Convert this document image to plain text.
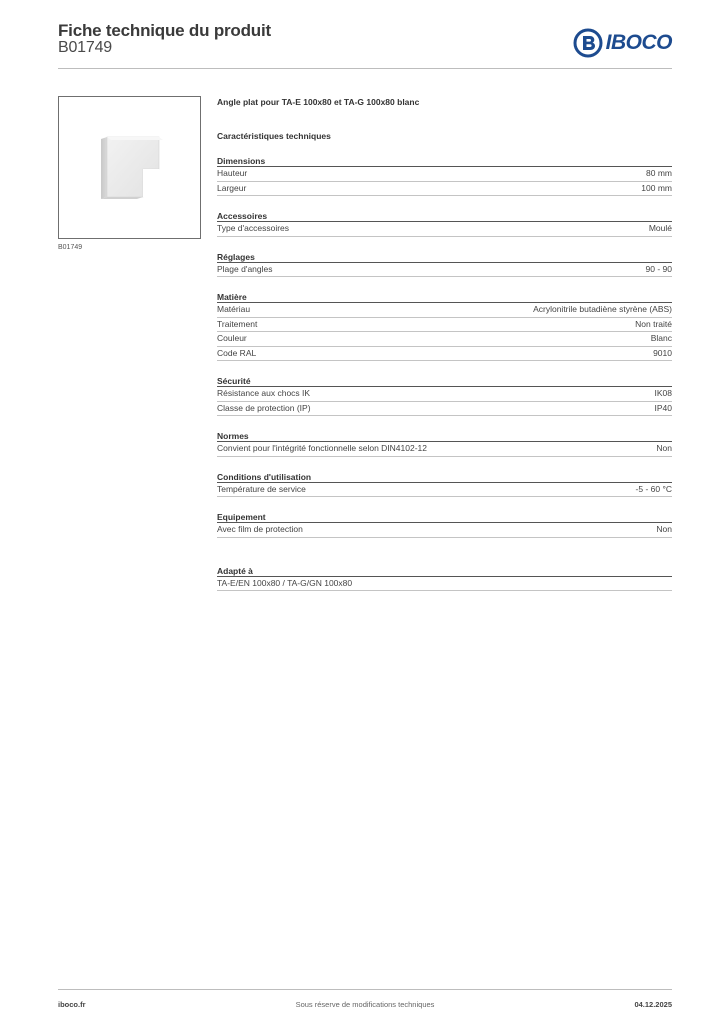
Fiche technique du produit
B01749	IBOCO
B01749
Angle plat pour TA-E 100x80 et TA-G 100x80 blanc
Caractéristiques techniques
Dimensions
Hauteur	80 mm
Largeur	100 mm
Accessoires
Type d'accessoires	Moulé
Réglages
Plage d'angles	90 - 90
Matière
Matériau	Acrylonitrile butadiène styrène (ABS)
Traitement	Non traité
Couleur	Blanc
Code RAL	9010
Sécurité
Résistance aux chocs IK	IK08
Classe de protection (IP)	IP40
Normes
Convient pour l'intégrité fonctionnelle selon DIN4102-12	Non
Conditions d'utilisation
Température de service	-5 - 60 °C
Equipement
Avec film de protection	Non
Adapté à
TA-E/EN 100x80 / TA-G/GN 100x80
Sous réserve de modifications techniques
iboco.fr	04.12.2025
